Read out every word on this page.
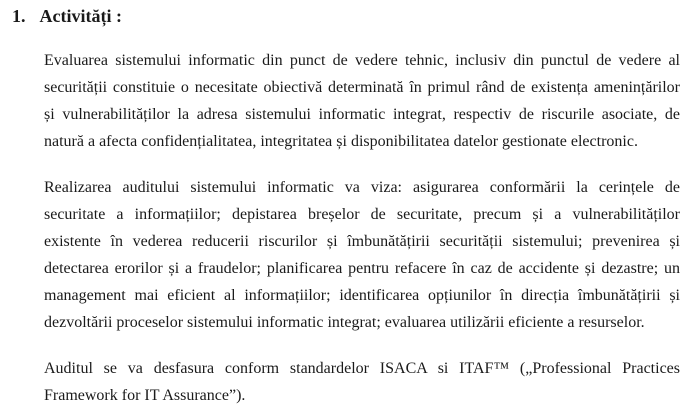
1. Activități :
Evaluarea sistemului informatic din punct de vedere tehnic, inclusiv din punctul de vedere al
securității constituie o necesitate obiectivă determinată în primul rând de existența amenințărilor
și vulnerabilităților la adresa sistemului informatic integrat, respectiv de riscurile asociate, de
natură a afecta confidențialitatea, integritatea și disponibilitatea datelor gestionate electronic.
Realizarea auditului sistemului informatic va viza: asigurarea conformării la cerințele de
securitate a informațiilor; depistarea breșelor de securitate, precum și a vulnerabilităților
existente în vederea reducerii riscurilor și îmbunătățirii securității sistemului; prevenirea și
detectarea erorilor și a fraudelor; planificarea pentru refacere în caz de accidente și dezastre; un
management mai eficient al informațiilor; identificarea opțiunilor în direcția îmbunătățirii și
dezvoltării proceselor sistemului informatic integrat; evaluarea utilizării eficiente a resurselor.
Auditul se va desfasura conform standardelor ISACA si ITAF™ („Professional Practices
Framework for IT Assurance”).
